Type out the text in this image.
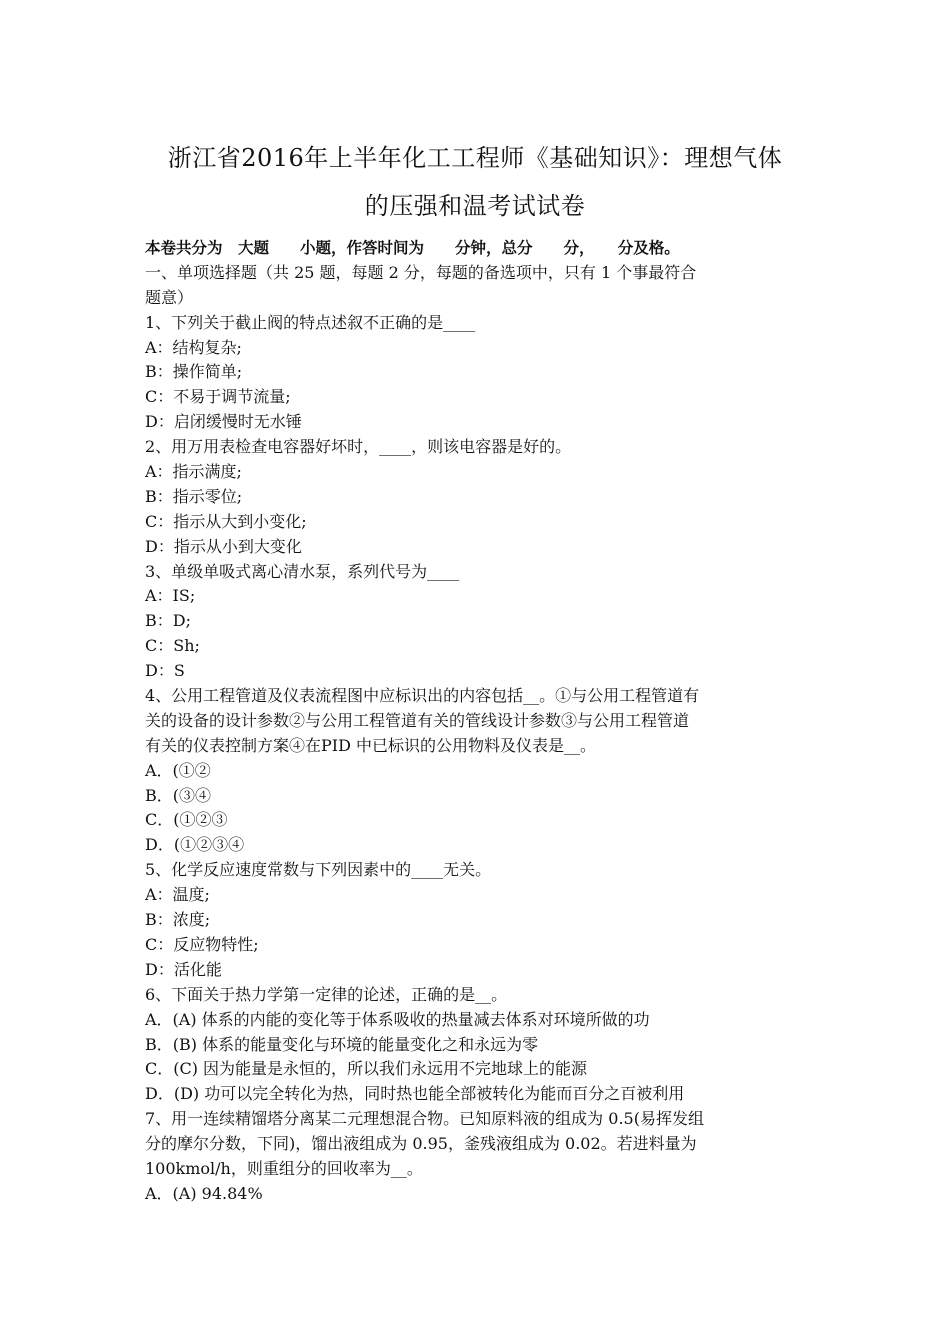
浙江省2016年上半年化工工程师《基础知识》：理想气体
的压强和温考试试卷
本卷共分为　大题　　小题，作答时间为　　分钟，总分　　分，　　分及格。
一、单项选择题（共 25 题，每题 2 分，每题的备选项中，只有 1 个事最符合
题意）
1、下列关于截止阀的特点述叙不正确的是____
A：结构复杂;
B：操作简单;
C：不易于调节流量;
D：启闭缓慢时无水锤
2、用万用表检查电容器好坏时，____，则该电容器是好的。
A：指示满度;
B：指示零位;
C：指示从大到小变化;
D：指示从小到大变化
3、单级单吸式离心清水泵，系列代号为____
A：IS;
B：D;
C：Sh;
D：S
4、公用工程管道及仪表流程图中应标识出的内容包括__。①与公用工程管道有
关的设备的设计参数②与公用工程管道有关的管线设计参数③与公用工程管道
有关的仪表控制方案④在PID 中已标识的公用物料及仪表是__。
A．(①②
B．(③④
C．(①②③
D．(①②③④
5、化学反应速度常数与下列因素中的____无关。
A：温度;
B：浓度;
C：反应物特性;
D：活化能
6、下面关于热力学第一定律的论述，正确的是__。
A．(A) 体系的内能的变化等于体系吸收的热量减去体系对环境所做的功
B．(B) 体系的能量变化与环境的能量变化之和永远为零
C．(C) 因为能量是永恒的，所以我们永远用不完地球上的能源
D．(D) 功可以完全转化为热，同时热也能全部被转化为能而百分之百被利用
7、用一连续精馏塔分离某二元理想混合物。已知原料液的组成为 0.5(易挥发组
分的摩尔分数，下同)，馏出液组成为 0.95，釜残液组成为 0.02。若进料量为
100kmol/h，则重组分的回收率为__。
A．(A) 94.84%
